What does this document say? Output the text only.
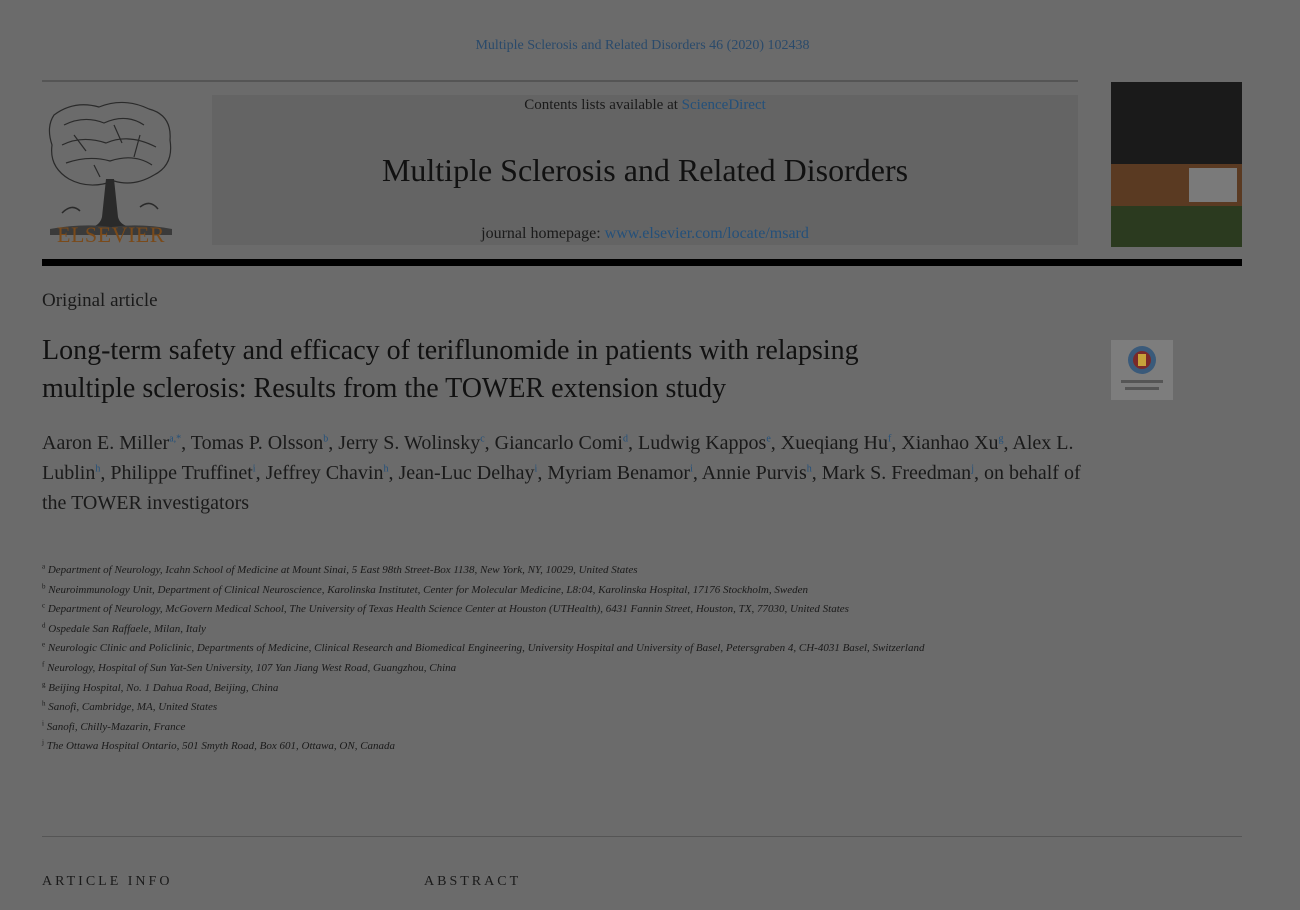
Multiple Sclerosis and Related Disorders 46 (2020) 102438
ELSEVIER
Contents lists available at ScienceDirect
Multiple Sclerosis and Related Disorders
journal homepage: www.elsevier.com/locate/msard
Original article
Long-term safety and efficacy of teriflunomide in patients with relapsing
multiple sclerosis: Results from the TOWER extension study
Aaron E. Miller$^{a,*}$, Tomas P. Olsson$^b$, Jerry S. Wolinsky$^c$, Giancarlo Comi$^d$, Ludwig Kappos$^e$, Xueqiang Hu$^f$, Xianhao Xu$^g$, Alex L. Lublin$^h$, Philippe Truffinet$^i$, Jeffrey Chavin$^h$, Jean-Luc Delhay$^i$, Myriam Benamor$^i$, Annie Purvis$^h$, Mark S. Freedman$^j$, on behalf of the TOWER investigators

$^a$ Department of Neurology, Icahn School of Medicine at Mount Sinai, 5 East 98th Street-Box 1138, New York, NY, 10029, United States

$^b$ Neuroimmunology Unit, Department of Clinical Neuroscience, Karolinska Institutet, Center for Molecular Medicine, L8:04, Karolinska Hospital, 17176 Stockholm, Sweden

$^c$ Department of Neurology, McGovern Medical School, The University of Texas Health Science Center at Houston (UTHealth), 6431 Fannin Street, Houston, TX, 77030, United States

$^d$ Ospedale San Raffaele, Milan, Italy

$^e$ Neurologic Clinic and Policlinic, Departments of Medicine, Clinical Research and Biomedical Engineering, University Hospital and University of Basel, Petersgraben 4, CH-4031 Basel, Switzerland

$^f$ Neurology, Hospital of Sun Yat-Sen University, 107 Yan Jiang West Road, Guangzhou, China

$^g$ Beijing Hospital, No. 1 Dahua Road, Beijing, China

$^h$ Sanofi, Cambridge, MA, United States

$^i$ Sanofi, Chilly-Mazarin, France

$^j$ The Ottawa Hospital Ontario, 501 Smyth Road, Box 601, Ottawa, ON, Canada

ARTICLE INFO	ABSTRACT
